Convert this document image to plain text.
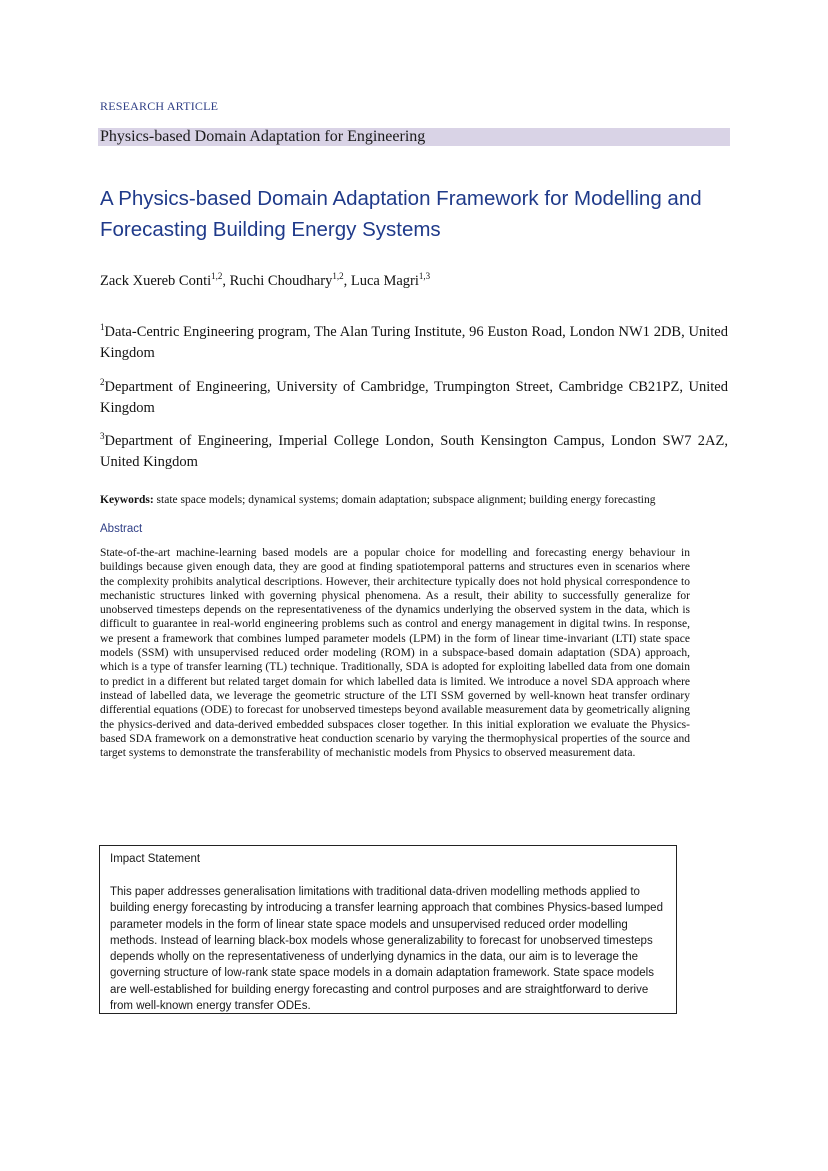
RESEARCH ARTICLE
Physics-based Domain Adaptation for Engineering
A Physics-based Domain Adaptation Framework for Modelling and
Forecasting Building Energy Systems
Zack Xuereb Conti$^{1,2}$, Ruchi Choudhary$^{1,2}$, Luca Magri$^{1,3}$
$^1$Data-Centric Engineering program, The Alan Turing Institute, 96 Euston Road, London NW1 2DB, United Kingdom
$^2$Department of Engineering, University of Cambridge, Trumpington Street, Cambridge CB21PZ, United Kingdom
$^3$Department of Engineering, Imperial College London, South Kensington Campus, London SW7 2AZ, United Kingdom
Keywords: state space models; dynamical systems; domain adaptation; subspace alignment; building energy forecasting
Abstract
State-of-the-art machine-learning based models are a popular choice for modelling and forecasting energy behaviour in buildings because given enough data, they are good at finding spatiotemporal patterns and structures even in scenarios where the complexity prohibits analytical descriptions. However, their architecture typically does not hold physical correspondence to mechanistic structures linked with governing physical phenomena. As a result, their ability to successfully generalize for unobserved timesteps depends on the representativeness of the dynamics underlying the observed system in the data, which is difficult to guarantee in real-world engineering problems such as control and energy management in digital twins. In response, we present a framework that combines lumped parameter models (LPM) in the form of linear time-invariant (LTI) state space models (SSM) with unsupervised reduced order modeling (ROM) in a subspace-based domain adaptation (SDA) approach, which is a type of transfer learning (TL) technique. Traditionally, SDA is adopted for exploiting labelled data from one domain to predict in a different but related target domain for which labelled data is limited. We introduce a novel SDA approach where instead of labelled data, we leverage the geometric structure of the LTI SSM governed by well-known heat transfer ordinary differential equations (ODE) to forecast for unobserved timesteps beyond available measurement data by geometrically aligning the physics-derived and data-derived embedded subspaces closer together. In this initial exploration we evaluate the Physics-based SDA framework on a demonstrative heat conduction scenario by varying the thermophysical properties of the source and target systems to demonstrate the transferability of mechanistic models from Physics to observed measurement data.
Impact Statement
This paper addresses generalisation limitations with traditional data-driven modelling methods applied to building energy forecasting by introducing a transfer learning approach that combines Physics-based lumped parameter models in the form of linear state space models and unsupervised reduced order modelling methods. Instead of learning black-box models whose generalizability to forecast for unobserved timesteps depends wholly on the representativeness of underlying dynamics in the data, our aim is to leverage the governing structure of low-rank state space models in a domain adaptation framework. State space models are well-established for building energy forecasting and control purposes and are straightforward to derive from well-known energy transfer ODEs.
